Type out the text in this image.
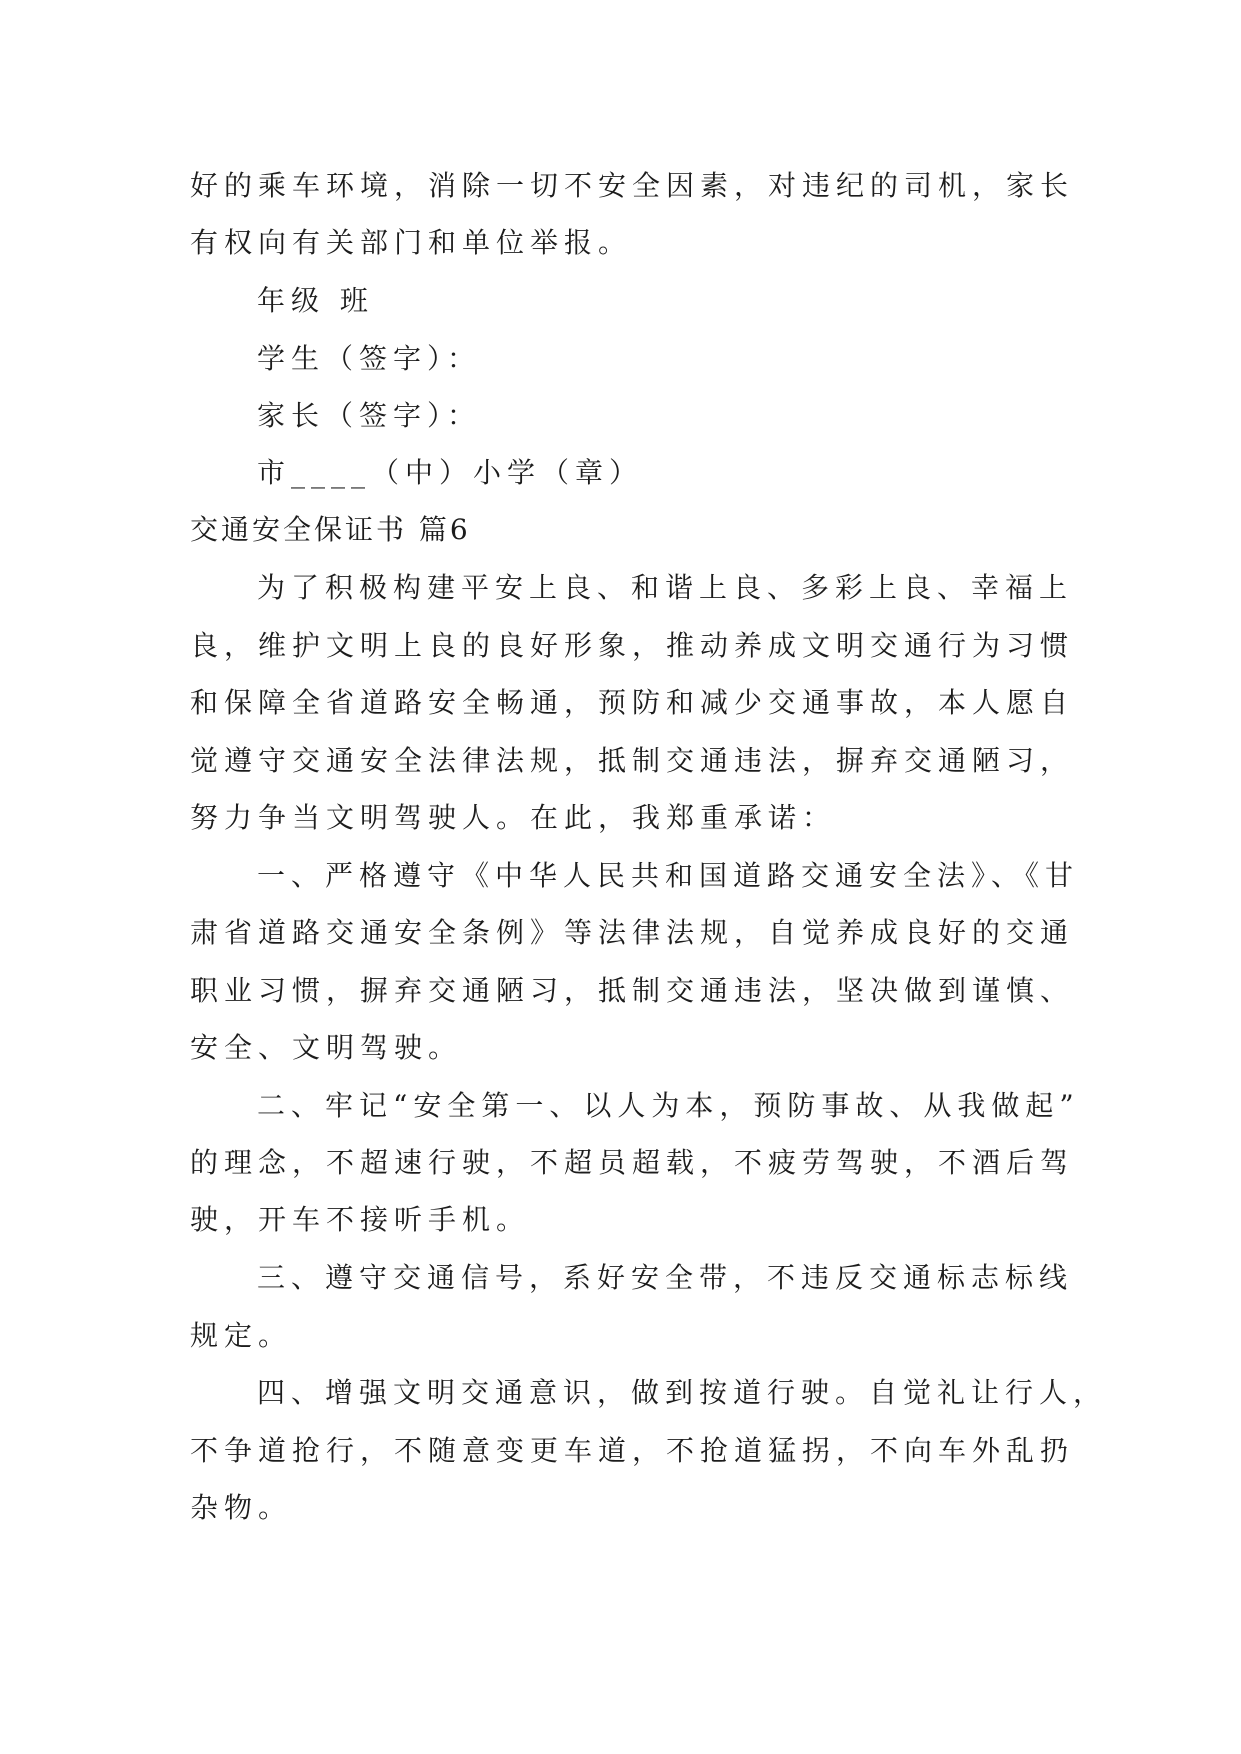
好的乘车环境，消除一切不安全因素，对违纪的司机，家长

有权向有关部门和单位举报。

年级 班

学生（签字）：

家长（签字）：

市____（中）小学（章）

交通安全保证书 篇6

为了积极构建平安上良、和谐上良、多彩上良、幸福上

良，维护文明上良的良好形象，推动养成文明交通行为习惯

和保障全省道路安全畅通，预防和减少交通事故，本人愿自

觉遵守交通安全法律法规，抵制交通违法，摒弃交通陋习，

努力争当文明驾驶人。在此，我郑重承诺：

一、严格遵守《中华人民共和国道路交通安全法》、《甘

肃省道路交通安全条例》等法律法规，自觉养成良好的交通

职业习惯，摒弃交通陋习，抵制交通违法，坚决做到谨慎、

安全、文明驾驶。

二、牢记“安全第一、以人为本，预防事故、从我做起”

的理念，不超速行驶，不超员超载，不疲劳驾驶，不酒后驾

驶，开车不接听手机。

三、遵守交通信号，系好安全带，不违反交通标志标线

规定。

四、增强文明交通意识，做到按道行驶。自觉礼让行人，

不争道抢行，不随意变更车道，不抢道猛拐，不向车外乱扔

杂物。
